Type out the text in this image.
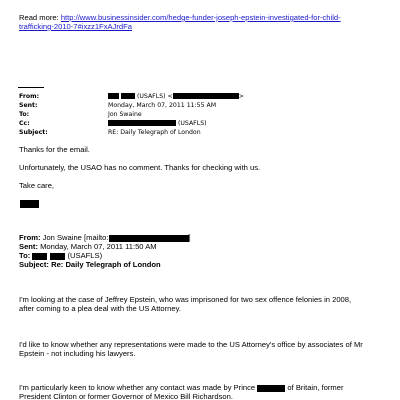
Read more: http://www.businessinsider.com/hedge-funder-joseph-epstein-investigated-for-child-
trafficking-2010-7#ixzz1FxAJrdFa
From:	(USAFLS) <	>
Sent:	Monday, March 07, 2011 11:55 AM
To:	Jon Swaine
Cc:	(USAFLS)
Subject:	RE: Daily Telegraph of London
Thanks for the email.
Unfortunately, the USAO has no comment. Thanks for checking with us.
Take care,
From: Jon Swaine [mailto:	]
Sent: Monday, March 07, 2011 11:50 AM
To:	(USAFLS)
Subject: Re: Daily Telegraph of London
I'm looking at the case of Jeffrey Epstein, who was imprisoned for two sex offence felonies in 2008,
after coming to a plea deal with the US Attorney.
I'd like to know whether any representations were made to the US Attorney's office by associates of Mr
Epstein - not including his lawyers.
I'm particularly keen to know whether any contact was made by Prince	of Britain, former
President Clinton or former Governor of Mexico Bill Richardson.
